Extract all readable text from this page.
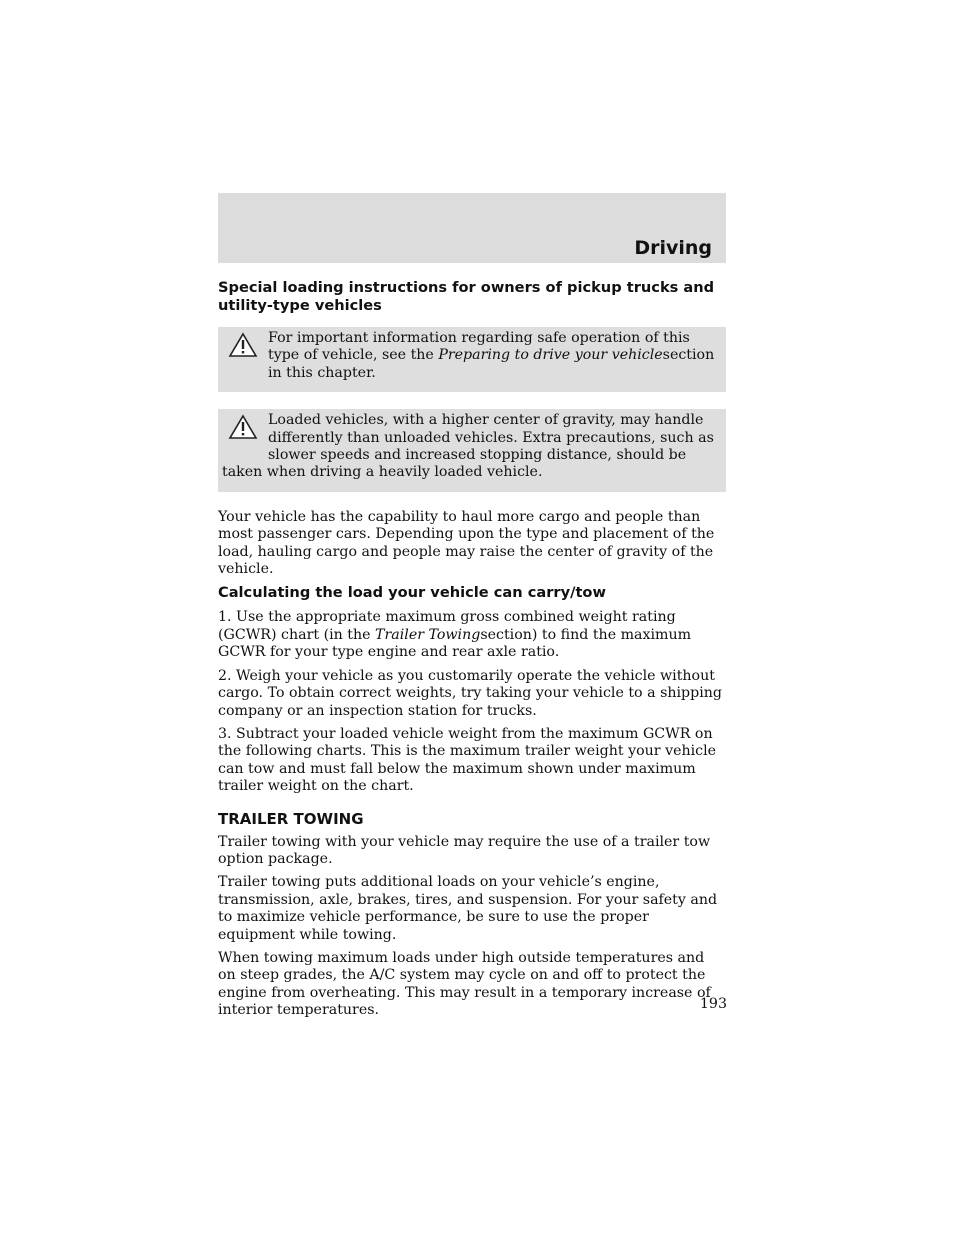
Driving
Special loading instructions for owners of pickup trucks and utility-type vehicles
For important information regarding safe operation of this type of vehicle, see the Preparing to drive your vehiclesection in this chapter.
Loaded vehicles, with a higher center of gravity, may handle differently than unloaded vehicles. Extra precautions, such as slower speeds and increased stopping distance, should be taken when driving a heavily loaded vehicle.

Your vehicle has the capability to haul more cargo and people than most passenger cars. Depending upon the type and placement of the load, hauling cargo and people may raise the center of gravity of the vehicle.

Calculating the load your vehicle can carry/tow

1. Use the appropriate maximum gross combined weight rating (GCWR) chart (in the Trailer Towingsection) to find the maximum GCWR for your type engine and rear axle ratio.

2. Weigh your vehicle as you customarily operate the vehicle without cargo. To obtain correct weights, try taking your vehicle to a shipping company or an inspection station for trucks.

3. Subtract your loaded vehicle weight from the maximum GCWR on the following charts. This is the maximum trailer weight your vehicle can tow and must fall below the maximum shown under maximum trailer weight on the chart.

TRAILER TOWING

Trailer towing with your vehicle may require the use of a trailer tow option package.

Trailer towing puts additional loads on your vehicle’s engine, transmission, axle, brakes, tires, and suspension. For your safety and to maximize vehicle performance, be sure to use the proper equipment while towing.

When towing maximum loads under high outside temperatures and on steep grades, the A/C system may cycle on and off to protect the engine from overheating. This may result in a temporary increase of interior temperatures.	193
